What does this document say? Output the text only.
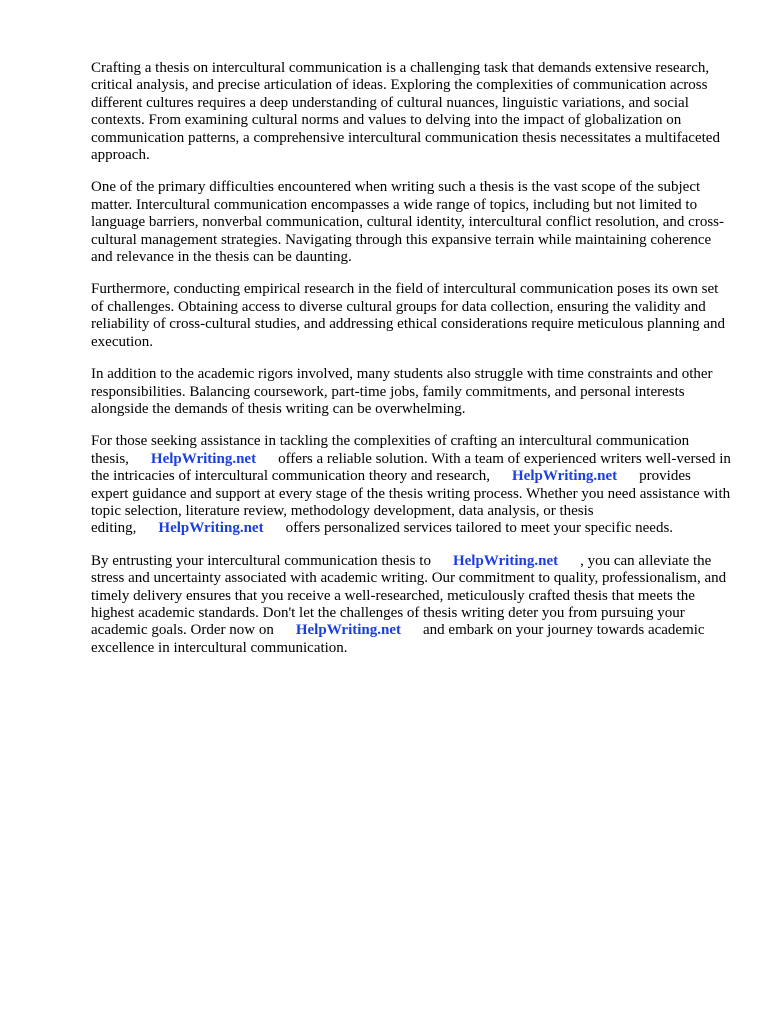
Crafting a thesis on intercultural communication is a challenging task that demands extensive research, critical analysis, and precise articulation of ideas. Exploring the complexities of communication across different cultures requires a deep understanding of cultural nuances, linguistic variations, and social contexts. From examining cultural norms and values to delving into the impact of globalization on communication patterns, a comprehensive intercultural communication thesis necessitates a multifaceted approach.

One of the primary difficulties encountered when writing such a thesis is the vast scope of the subject matter. Intercultural communication encompasses a wide range of topics, including but not limited to language barriers, nonverbal communication, cultural identity, intercultural conflict resolution, and cross-cultural management strategies. Navigating through this expansive terrain while maintaining coherence and relevance in the thesis can be daunting.

Furthermore, conducting empirical research in the field of intercultural communication poses its own set of challenges. Obtaining access to diverse cultural groups for data collection, ensuring the validity and reliability of cross-cultural studies, and addressing ethical considerations require meticulous planning and execution.

In addition to the academic rigors involved, many students also struggle with time constraints and other responsibilities. Balancing coursework, part-time jobs, family commitments, and personal interests alongside the demands of thesis writing can be overwhelming.

For those seeking assistance in tackling the complexities of crafting an intercultural communication thesis, HelpWriting.net offers a reliable solution. With a team of experienced writers well-versed in the intricacies of intercultural communication theory and research, HelpWriting.net provides expert guidance and support at every stage of the thesis writing process. Whether you need assistance with topic selection, literature review, methodology development, data analysis, or thesis editing, HelpWriting.net offers personalized services tailored to meet your specific needs.

By entrusting your intercultural communication thesis to HelpWriting.net , you can alleviate the stress and uncertainty associated with academic writing. Our commitment to quality, professionalism, and timely delivery ensures that you receive a well-researched, meticulously crafted thesis that meets the highest academic standards. Don't let the challenges of thesis writing deter you from pursuing your academic goals. Order now on HelpWriting.net and embark on your journey towards academic excellence in intercultural communication.
